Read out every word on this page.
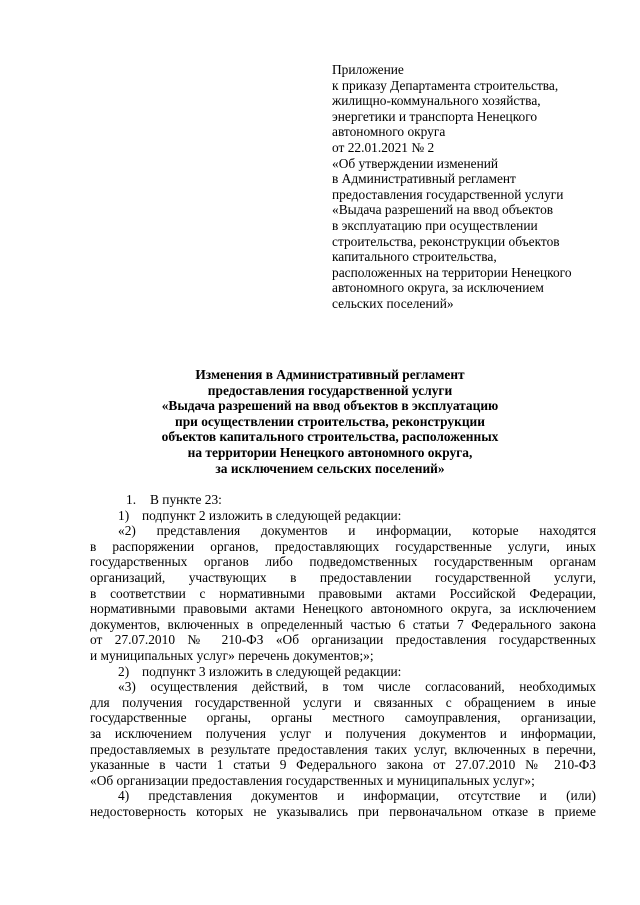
Приложение
к приказу Департамента строительства,
жилищно-коммунального хозяйства,
энергетики и транспорта Ненецкого
автономного округа
от 22.01.2021 № 2
«Об утверждении изменений
в Административный регламент
предоставления государственной услуги
«Выдача разрешений на ввод объектов
в эксплуатацию при осуществлении
строительства, реконструкции объектов
капитального строительства,
расположенных на территории Ненецкого
автономного округа, за исключением
сельских поселений»
Изменения в Административный регламент
предоставления государственной услуги
«Выдача разрешений на ввод объектов в эксплуатацию
при осуществлении строительства, реконструкции
объектов капитального строительства, расположенных
на территории Ненецкого автономного округа,
за исключением сельских поселений»
1. В пункте 23:
1) подпункт 2 изложить в следующей редакции:
«2) представления документов и информации, которые находятся
в распоряжении органов, предоставляющих государственные услуги, иных
государственных органов либо подведомственных государственным органам
организаций, участвующих в предоставлении государственной услуги,
в соответствии с нормативными правовыми актами Российской Федерации,
нормативными правовыми актами Ненецкого автономного округа, за исключением
документов, включенных в определенный частью 6 статьи 7 Федерального закона
от 27.07.2010 № 210-ФЗ «Об организации предоставления государственных
и муниципальных услуг» перечень документов;»;
2) подпункт 3 изложить в следующей редакции:
«3) осуществления действий, в том числе согласований, необходимых
для получения государственной услуги и связанных с обращением в иные
государственные органы, органы местного самоуправления, организации,
за исключением получения услуг и получения документов и информации,
предоставляемых в результате предоставления таких услуг, включенных в перечни,
указанные в части 1 статьи 9 Федерального закона от 27.07.2010 № 210-ФЗ
«Об организации предоставления государственных и муниципальных услуг»;
4) представления документов и информации, отсутствие и (или)
недостоверность которых не указывались при первоначальном отказе в приеме
